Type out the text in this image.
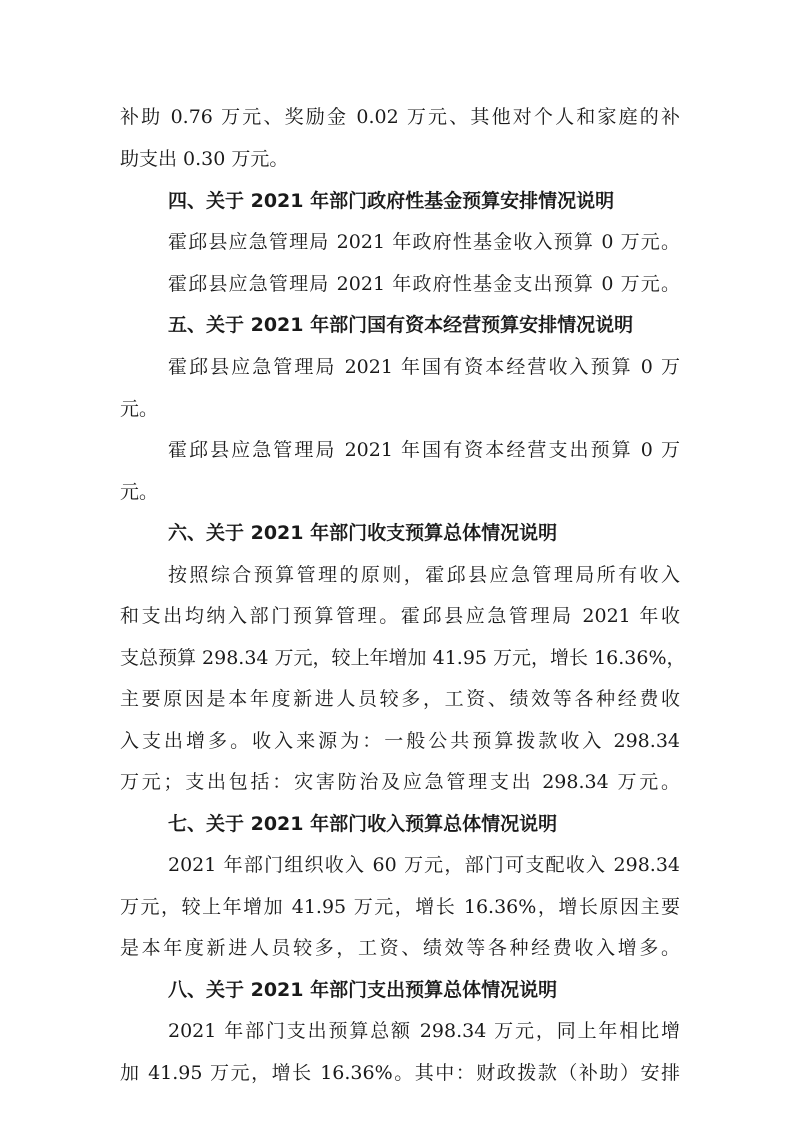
补助 0.76 万元、奖励金 0.02 万元、其他对个人和家庭的补
助支出 0.30 万元。
四、关于 2021 年部门政府性基金预算安排情况说明
霍邱县应急管理局 2021 年政府性基金收入预算 0 万元。
霍邱县应急管理局 2021 年政府性基金支出预算 0 万元。
五、关于 2021 年部门国有资本经营预算安排情况说明
霍邱县应急管理局 2021 年国有资本经营收入预算 0 万
元。
霍邱县应急管理局 2021 年国有资本经营支出预算 0 万
元。
六、关于 2021 年部门收支预算总体情况说明
按照综合预算管理的原则，霍邱县应急管理局所有收入
和支出均纳入部门预算管理。霍邱县应急管理局 2021 年收
支总预算 298.34 万元，较上年增加 41.95 万元，增长 16.36%，
主要原因是本年度新进人员较多，工资、绩效等各种经费收
入支出增多。收入来源为：一般公共预算拨款收入 298.34
万元；支出包括：灾害防治及应急管理支出 298.34 万元。
七、关于 2021 年部门收入预算总体情况说明
2021 年部门组织收入 60 万元，部门可支配收入 298.34
万元，较上年增加 41.95 万元，增长 16.36%，增长原因主要
是本年度新进人员较多，工资、绩效等各种经费收入增多。
八、关于 2021 年部门支出预算总体情况说明
2021 年部门支出预算总额 298.34 万元，同上年相比增
加 41.95 万元，增长 16.36%。其中：财政拨款（补助）安排
